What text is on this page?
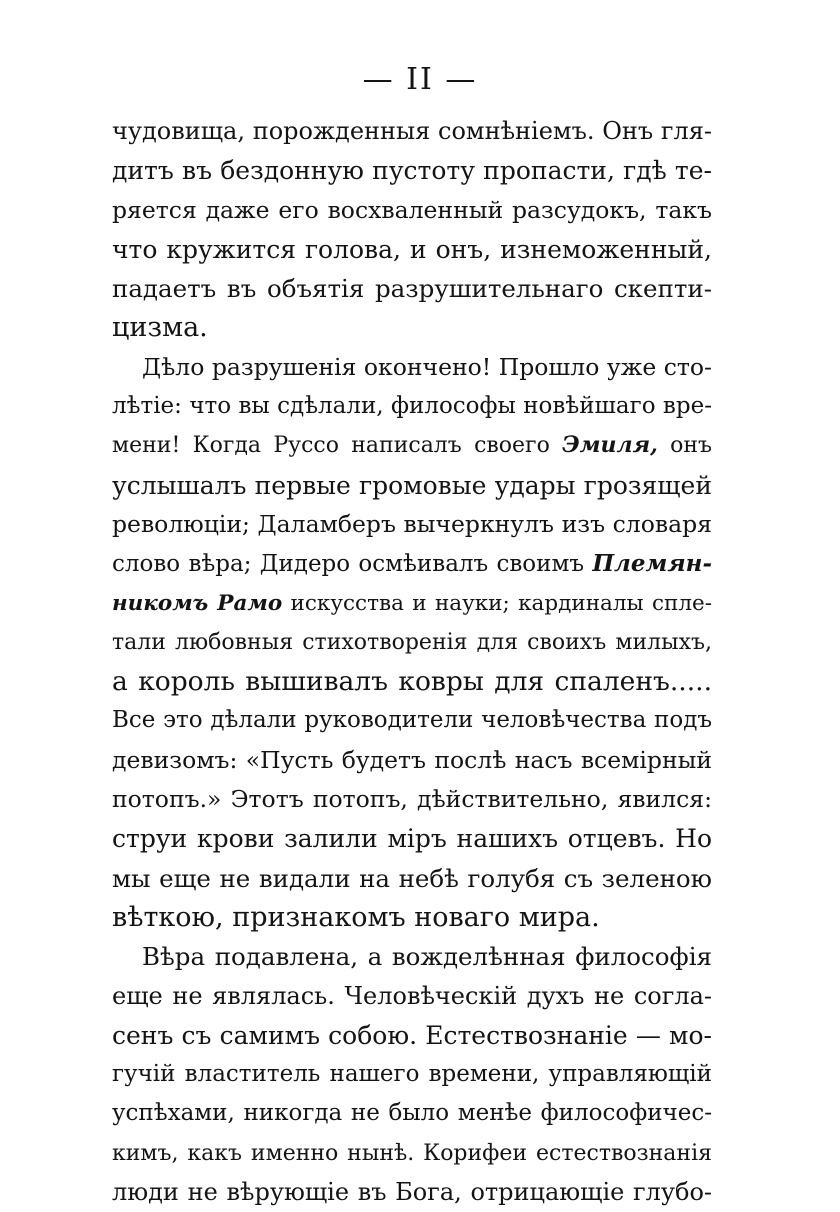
— II —
чудовища, порожденныя сомнѣніемъ. Онъ гля-
дитъ въ бездонную пустоту пропасти, гдѣ те-
ряется даже его восхваленный разсудокъ, такъ
что кружится голова, и онъ, изнеможенный,
падаетъ въ объятія разрушительнаго скепти-
цизма.
Дѣло разрушенія окончено! Прошло уже сто-
лѣтіе: что вы сдѣлали, философы новѣйшаго вре-
мени! Когда Руссо написалъ своего Эмиля, онъ
услышалъ первые громовые удары грозящей
революціи; Даламберъ вычеркнулъ изъ словаря
слово вѣра; Дидеро осмѣивалъ своимъ Племян-
никомъ Рамо искусства и науки; кардиналы спле-
тали любовныя стихотворенія для своихъ милыхъ,
а король вышивалъ ковры для спаленъ.....
Все это дѣлали руководители человѣчества подъ
девизомъ: «Пусть будетъ послѣ насъ всемірный
потопъ.» Этотъ потопъ, дѣйствительно, явился:
струи крови залили міръ нашихъ отцевъ. Но
мы еще не видали на небѣ голубя съ зеленою
вѣткою, признакомъ новаго мира.
Вѣра подавлена, а вожделѣнная философія
еще не являлась. Человѣческій духъ не согла-
сенъ съ самимъ собою. Естествознаніе — мо-
гучій властитель нашего времени, управляющій
успѣхами, никогда не было менѣе философичес-
кимъ, какъ именно нынѣ. Корифеи естествознанія
люди не вѣрующіе въ Бога, отрицающіе глубо-
